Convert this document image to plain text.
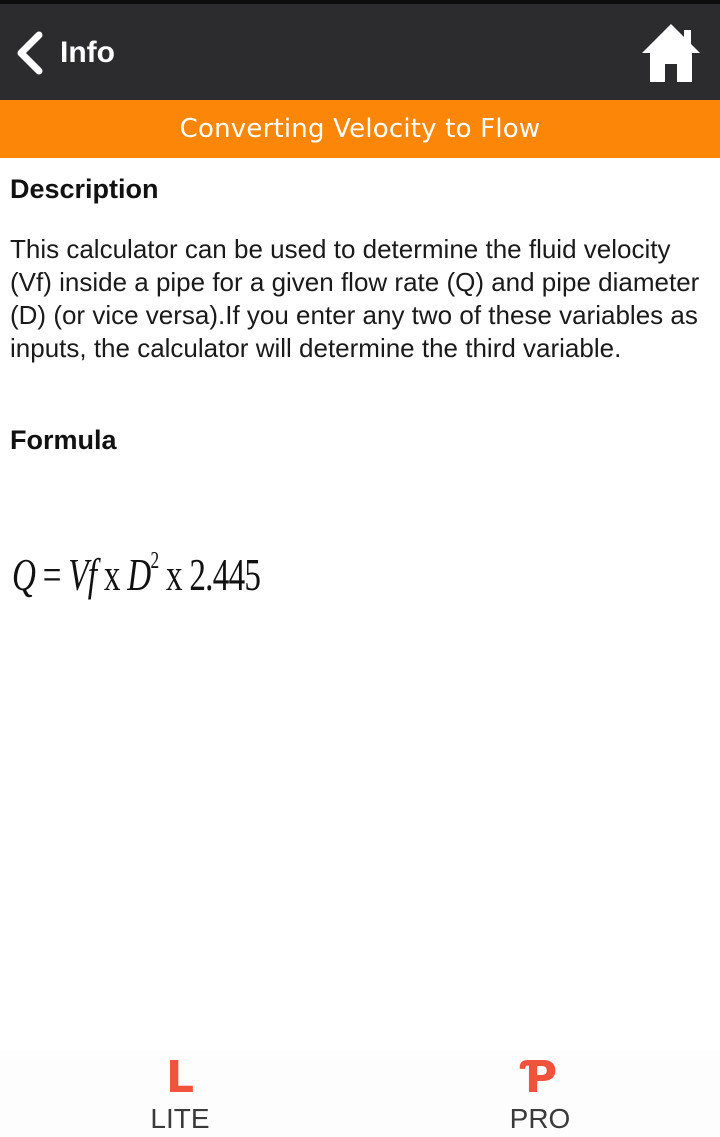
Info
Converting Velocity to Flow
Description

This calculator can be used to determine the fluid velocity (Vf) inside a pipe for a given flow rate (Q) and pipe diameter (D) (or vice versa).If you enter any two of these variables as inputs, the calculator will determine the third variable.

Formula
Q = Vf x $D^2$ x 2.445
L
LITE
Ƥ
PRO
